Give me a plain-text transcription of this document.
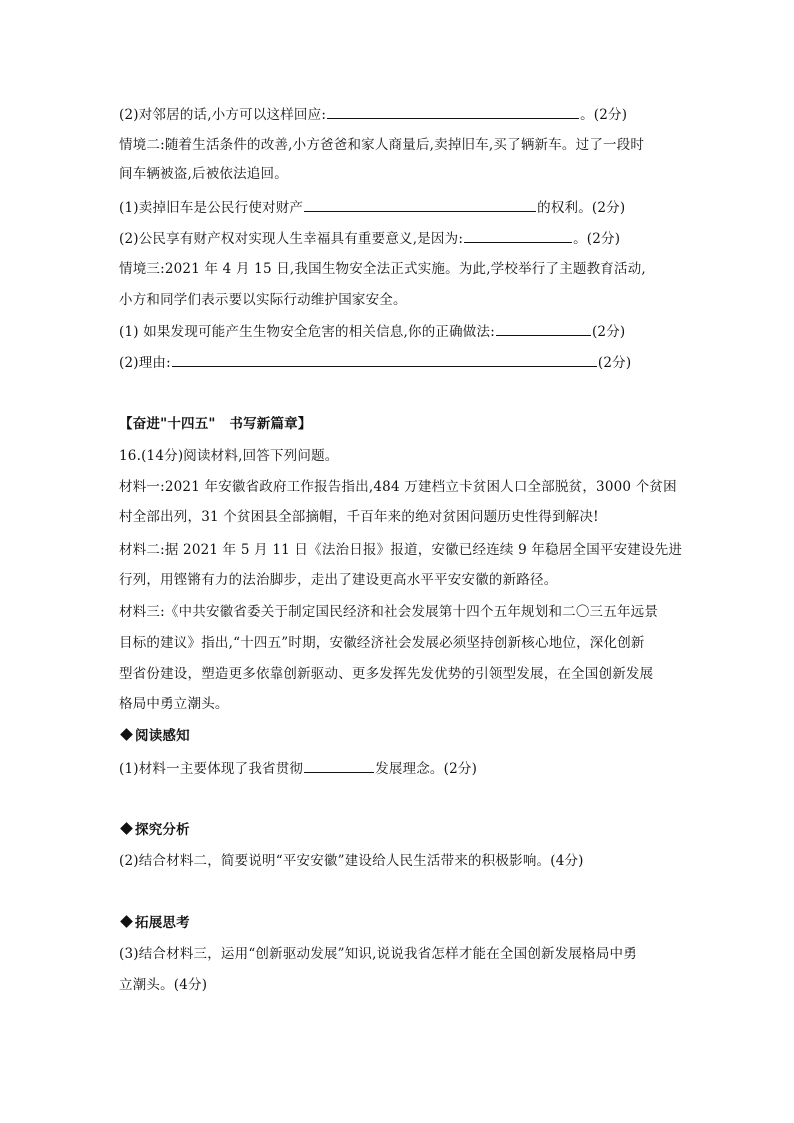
(2)对邻居的话,小方可以这样回应:	。(2分)
情境二:随着生活条件的改善,小方爸爸和家人商量后,卖掉旧车,买了辆新车。过了一段时
间车辆被盗,后被依法追回。
(1)卖掉旧车是公民行使对财产	的权利。(2分)
(2)公民享有财产权对实现人生幸福具有重要意义,是因为:	。(2分)
情境三:2021 年 4 月 15 日,我国生物安全法正式实施。为此,学校举行了主题教育活动,
小方和同学们表示要以实际行动维护国家安全。
(1) 如果发现可能产生生物安全危害的相关信息,你的正确做法:	(2分)
(2)理由:	(2分)
【奋进"十四五"　书写新篇章】
16.(14分)阅读材料,回答下列问题。
材料一:2021 年安徽省政府工作报告指出,484 万建档立卡贫困人口全部脱贫，3000 个贫困
村全部出列，31 个贫困县全部摘帽，千百年来的绝对贫困问题历史性得到解决!
材料二:据 2021 年 5 月 11 日《法治日报》报道，安徽已经连续 9 年稳居全国平安建设先进
行列，用铿锵有力的法治脚步，走出了建设更高水平平安安徽的新路径。
材料三:《中共安徽省委关于制定国民经济和社会发展第十四个五年规划和二〇三五年远景
目标的建议》指出,“十四五”时期，安徽经济社会发展必须坚持创新核心地位，深化创新
型省份建设，塑造更多依靠创新驱动、更多发挥先发优势的引领型发展，在全国创新发展
格局中勇立潮头。
阅读感知
(1)材料一主要体现了我省贯彻	发展理念。(2分)
探究分析
(2)结合材料二，简要说明“平安安徽”建设给人民生活带来的积极影响。(4分)
拓展思考
(3)结合材料三，运用“创新驱动发展”知识,说说我省怎样才能在全国创新发展格局中勇
立潮头。(4分)
